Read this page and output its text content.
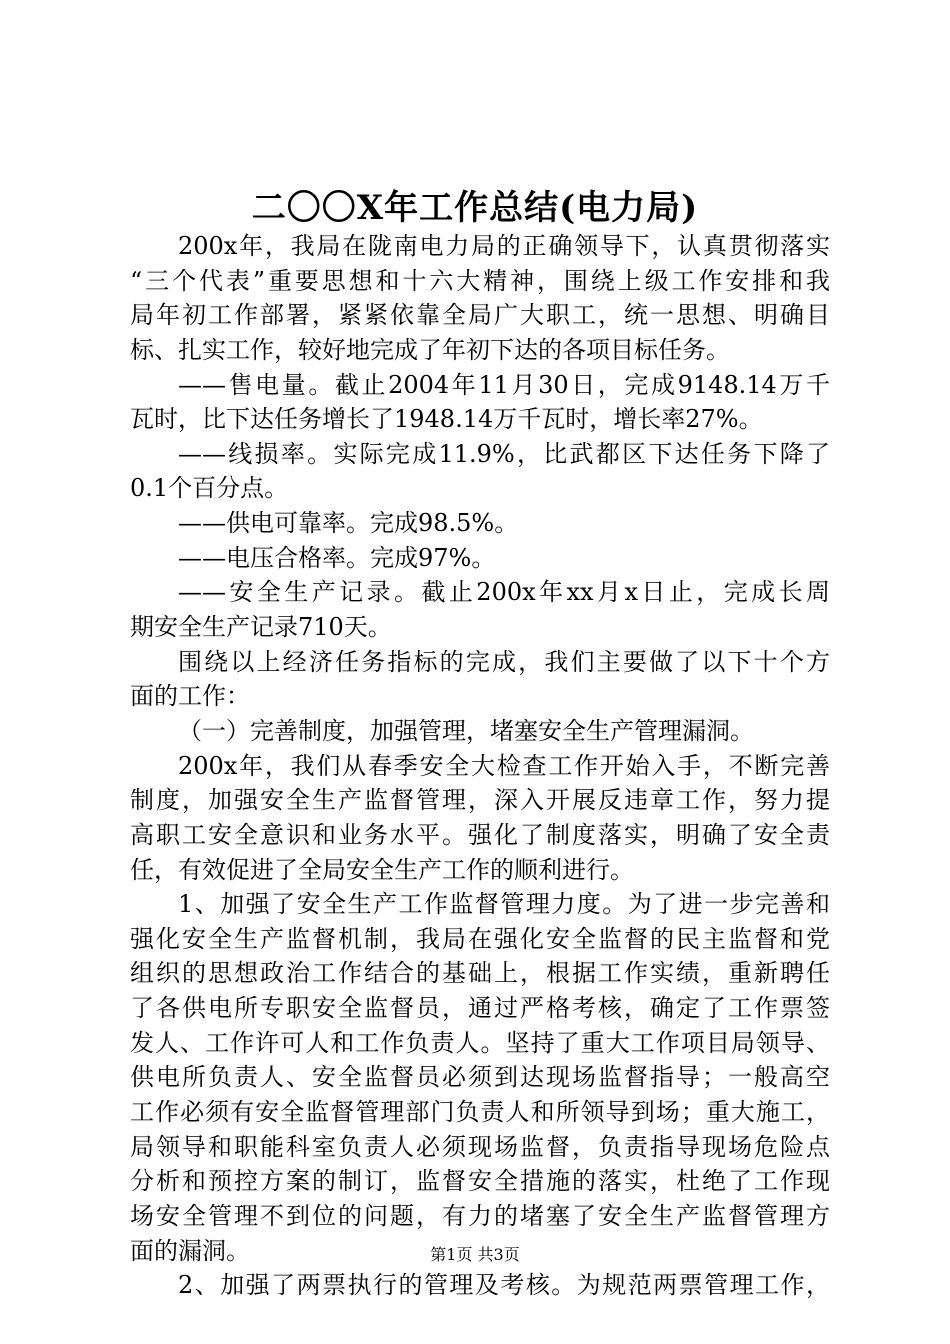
二〇〇X年工作总结(电力局)
200x年，我局在陇南电力局的正确领导下，认真贯彻落实
“三个代表”重要思想和十六大精神，围绕上级工作安排和我
局年初工作部署，紧紧依靠全局广大职工，统一思想、明确目
标、扎实工作，较好地完成了年初下达的各项目标任务。
——售电量。截止2004年11月30日，完成9148.14万千
瓦时，比下达任务增长了1948.14万千瓦时，增长率27%。
——线损率。实际完成11.9%，比武都区下达任务下降了
0.1个百分点。
——供电可靠率。完成98.5%。
——电压合格率。完成97%。
——安全生产记录。截止200x年xx月x日止，完成长周
期安全生产记录710天。
围绕以上经济任务指标的完成，我们主要做了以下十个方
面的工作：
（一）完善制度，加强管理，堵塞安全生产管理漏洞。
200x年，我们从春季安全大检查工作开始入手，不断完善
制度，加强安全生产监督管理，深入开展反违章工作，努力提
高职工安全意识和业务水平。强化了制度落实，明确了安全责
任，有效促进了全局安全生产工作的顺利进行。
1、加强了安全生产工作监督管理力度。为了进一步完善和
强化安全生产监督机制，我局在强化安全监督的民主监督和党
组织的思想政治工作结合的基础上，根据工作实绩，重新聘任
了各供电所专职安全监督员，通过严格考核，确定了工作票签
发人、工作许可人和工作负责人。坚持了重大工作项目局领导、
供电所负责人、安全监督员必须到达现场监督指导；一般高空
工作必须有安全监督管理部门负责人和所领导到场；重大施工，
局领导和职能科室负责人必须现场监督，负责指导现场危险点
分析和预控方案的制订，监督安全措施的落实，杜绝了工作现
场安全管理不到位的问题，有力的堵塞了安全生产监督管理方
面的漏洞。
2、加强了两票执行的管理及考核。为规范两票管理工作，
第1页 共3页
